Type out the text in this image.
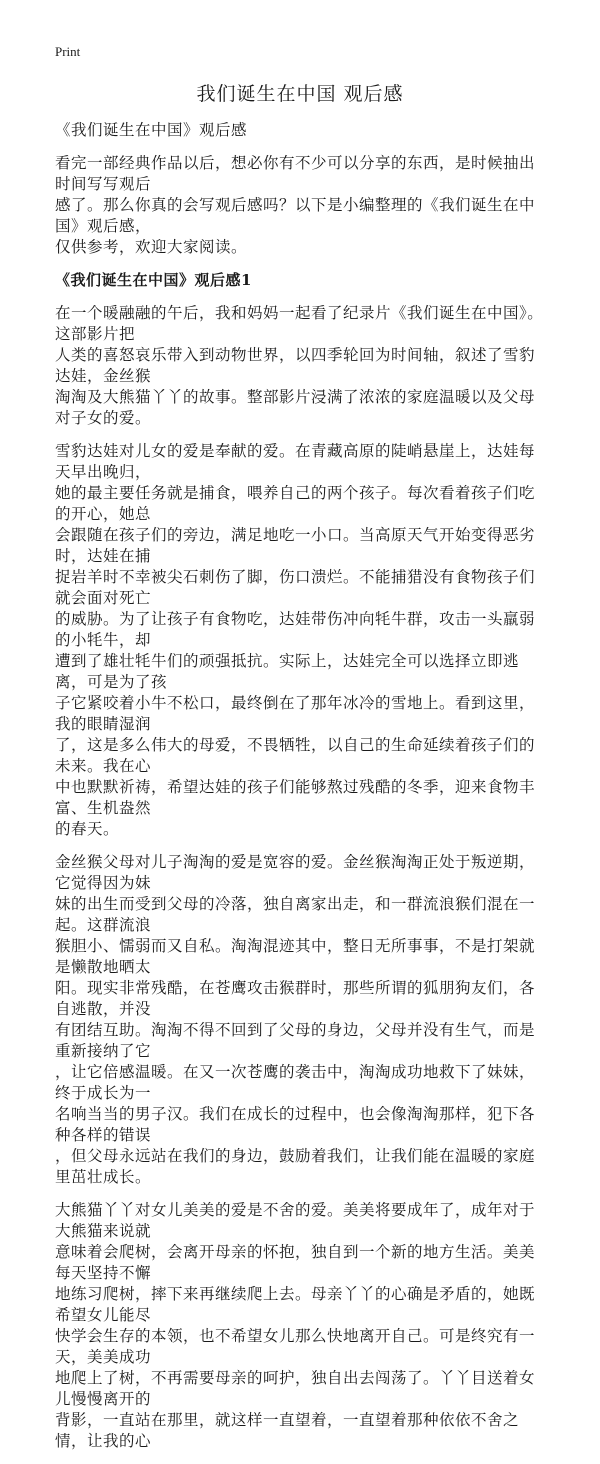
Print
我们诞生在中国 观后感
《我们诞生在中国》观后感
看完一部经典作品以后，想必你有不少可以分享的东西，是时候抽出时间写写观后
感了。那么你真的会写观后感吗？以下是小编整理的《我们诞生在中国》观后感，
仅供参考，欢迎大家阅读。
《我们诞生在中国》观后感1
在一个暖融融的午后，我和妈妈一起看了纪录片《我们诞生在中国》。这部影片把
人类的喜怒哀乐带入到动物世界，以四季轮回为时间轴，叙述了雪豹达娃，金丝猴
淘淘及大熊猫丫丫的故事。整部影片浸满了浓浓的家庭温暖以及父母对子女的爱。
雪豹达娃对儿女的爱是奉献的爱。在青藏高原的陡峭悬崖上，达娃每天早出晚归，
她的最主要任务就是捕食，喂养自己的两个孩子。每次看着孩子们吃的开心，她总
会跟随在孩子们的旁边，满足地吃一小口。当高原天气开始变得恶劣时，达娃在捕
捉岩羊时不幸被尖石刺伤了脚，伤口溃烂。不能捕猎没有食物孩子们就会面对死亡
的威胁。为了让孩子有食物吃，达娃带伤冲向牦牛群，攻击一头羸弱的小牦牛，却
遭到了雄壮牦牛们的顽强抵抗。实际上，达娃完全可以选择立即逃离，可是为了孩
子它紧咬着小牛不松口，最终倒在了那年冰冷的雪地上。看到这里，我的眼睛湿润
了，这是多么伟大的母爱，不畏牺牲，以自己的生命延续着孩子们的未来。我在心
中也默默祈祷，希望达娃的孩子们能够熬过残酷的冬季，迎来食物丰富、生机盎然
的春天。
金丝猴父母对儿子淘淘的爱是宽容的爱。金丝猴淘淘正处于叛逆期，它觉得因为妹
妹的出生而受到父母的冷落，独自离家出走，和一群流浪猴们混在一起。这群流浪
猴胆小、懦弱而又自私。淘淘混迹其中，整日无所事事，不是打架就是懒散地晒太
阳。现实非常残酷，在苍鹰攻击猴群时，那些所谓的狐朋狗友们，各自逃散，并没
有团结互助。淘淘不得不回到了父母的身边，父母并没有生气，而是重新接纳了它
，让它倍感温暖。在又一次苍鹰的袭击中，淘淘成功地救下了妹妹，终于成长为一
名响当当的男子汉。我们在成长的过程中，也会像淘淘那样，犯下各种各样的错误
，但父母永远站在我们的身边，鼓励着我们，让我们能在温暖的家庭里茁壮成长。
大熊猫丫丫对女儿美美的爱是不舍的爱。美美将要成年了，成年对于大熊猫来说就
意味着会爬树，会离开母亲的怀抱，独自到一个新的地方生活。美美每天坚持不懈
地练习爬树，摔下来再继续爬上去。母亲丫丫的心确是矛盾的，她既希望女儿能尽
快学会生存的本领，也不希望女儿那么快地离开自己。可是终究有一天，美美成功
地爬上了树，不再需要母亲的呵护，独自出去闯荡了。丫丫目送着女儿慢慢离开的
背影，一直站在那里，就这样一直望着，一直望着那种依依不舍之情，让我的心
